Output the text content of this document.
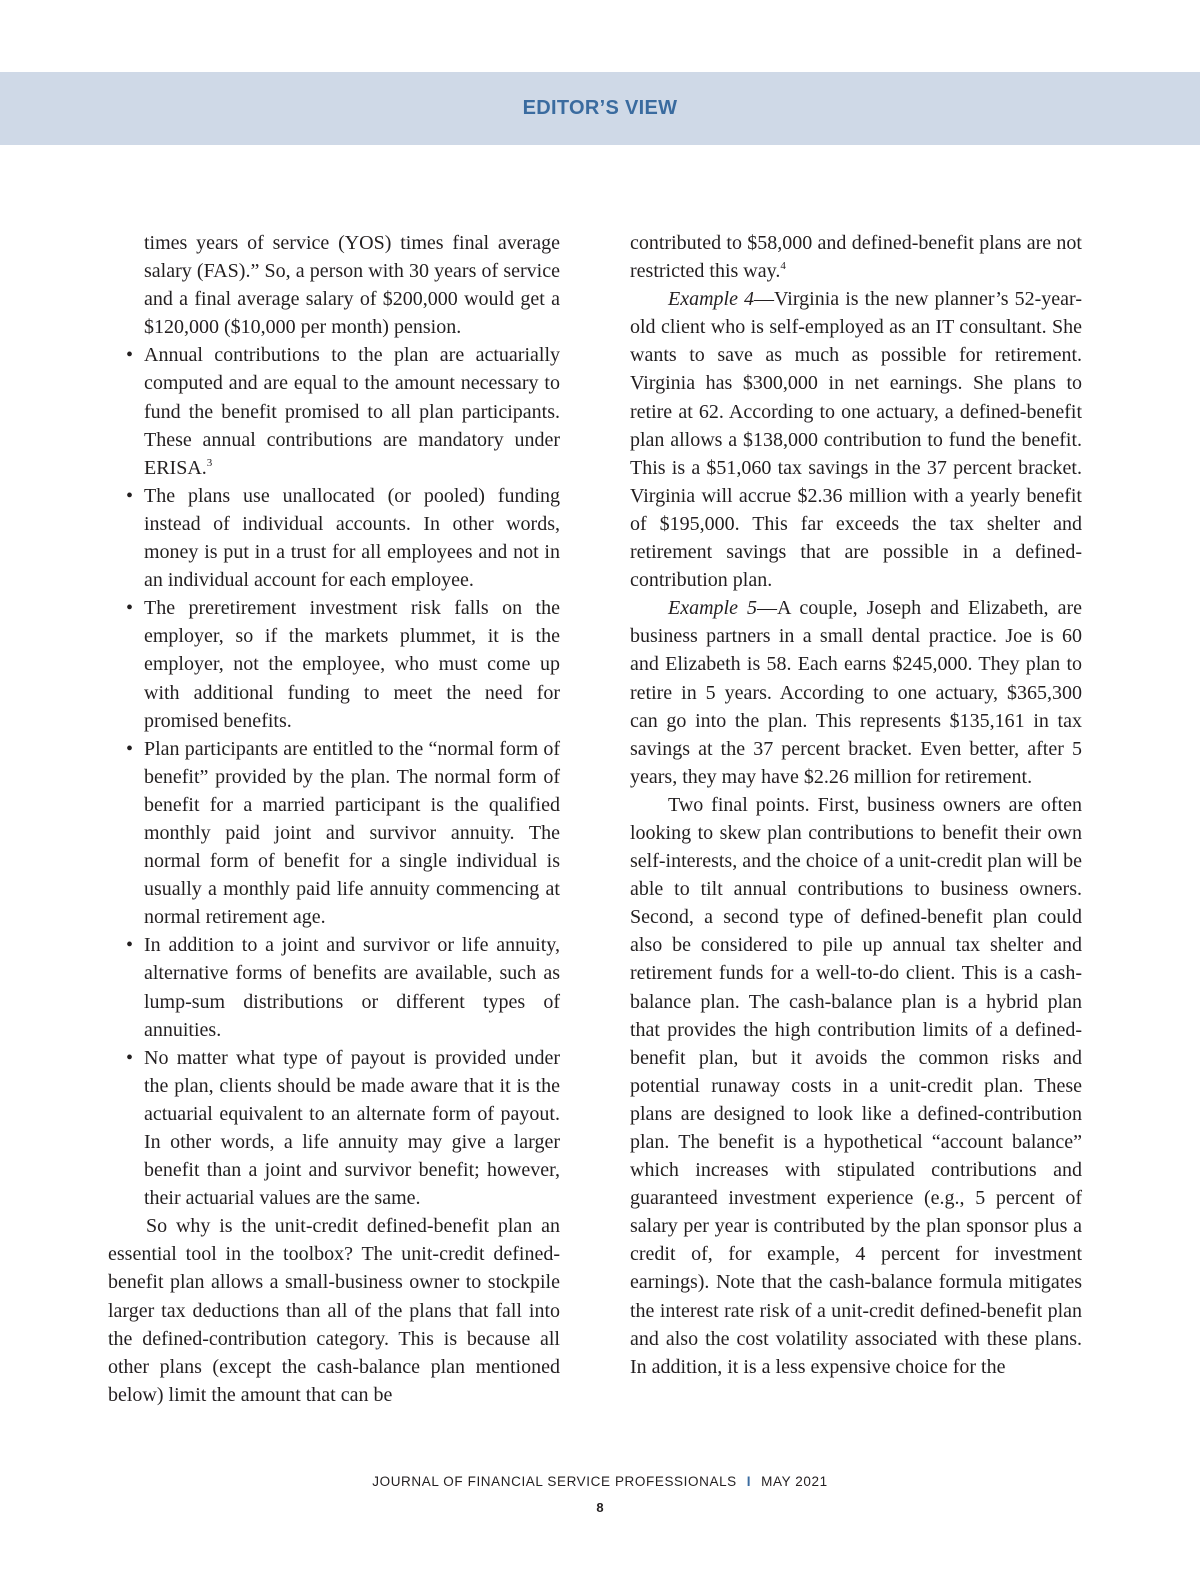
EDITOR’S VIEW

times years of service (YOS) times final average salary (FAS).” So, a person with 30 years of service and a final average salary of $200,000 would get a $120,000 ($10,000 per month) pension.

• Annual contributions to the plan are actuarially computed and are equal to the amount necessary to fund the benefit promised to all plan participants. These annual contributions are mandatory under ERISA.$^3$
• The plans use unallocated (or pooled) funding instead of individual accounts. In other words, money is put in a trust for all employees and not in an individual account for each employee.
• The preretirement investment risk falls on the employer, so if the markets plummet, it is the employer, not the employee, who must come up with additional funding to meet the need for promised benefits.
• Plan participants are entitled to the “normal form of benefit” provided by the plan. The normal form of benefit for a married participant is the qualified monthly paid joint and survivor annuity. The normal form of benefit for a single individual is usually a monthly paid life annuity commencing at normal retirement age.
• In addition to a joint and survivor or life annuity, alternative forms of benefits are available, such as lump-sum distributions or different types of annuities.
• No matter what type of payout is provided under the plan, clients should be made aware that it is the actuarial equivalent to an alternate form of payout. In other words, a life annuity may give a larger benefit than a joint and survivor benefit; however, their actuarial values are the same.

So why is the unit-credit defined-benefit plan an essential tool in the toolbox? The unit-credit defined-benefit plan allows a small-business owner to stockpile larger tax deductions than all of the plans that fall into the defined-contribution category. This is because all other plans (except the cash-balance plan mentioned below) limit the amount that can be

contributed to $58,000 and defined-benefit plans are not restricted this way.$^4$

Example 4—Virginia is the new planner’s 52-year-old client who is self-employed as an IT consultant. She wants to save as much as possible for retirement. Virginia has $300,000 in net earnings. She plans to retire at 62. According to one actuary, a defined-benefit plan allows a $138,000 contribution to fund the benefit. This is a $51,060 tax savings in the 37 percent bracket. Virginia will accrue $2.36 million with a yearly benefit of $195,000. This far exceeds the tax shelter and retirement savings that are possible in a defined-contribution plan.

Example 5—A couple, Joseph and Elizabeth, are business partners in a small dental practice. Joe is 60 and Elizabeth is 58. Each earns $245,000. They plan to retire in 5 years. According to one actuary, $365,300 can go into the plan. This represents $135,161 in tax savings at the 37 percent bracket. Even better, after 5 years, they may have $2.26 million for retirement.

Two final points. First, business owners are often looking to skew plan contributions to benefit their own self-interests, and the choice of a unit-credit plan will be able to tilt annual contributions to business owners. Second, a second type of defined-benefit plan could also be considered to pile up annual tax shelter and retirement funds for a well-to-do client. This is a cash-balance plan. The cash-balance plan is a hybrid plan that provides the high contribution limits of a defined-benefit plan, but it avoids the common risks and potential runaway costs in a unit-credit plan. These plans are designed to look like a defined-contribution plan. The benefit is a hypothetical “account balance” which increases with stipulated contributions and guaranteed investment experience (e.g., 5 percent of salary per year is contributed by the plan sponsor plus a credit of, for example, 4 percent for investment earnings). Note that the cash-balance formula mitigates the interest rate risk of a unit-credit defined-benefit plan and also the cost volatility associated with these plans. In addition, it is a less expensive choice for the

JOURNAL OF FINANCIAL SERVICE PROFESSIONALS I MAY 2021
8
